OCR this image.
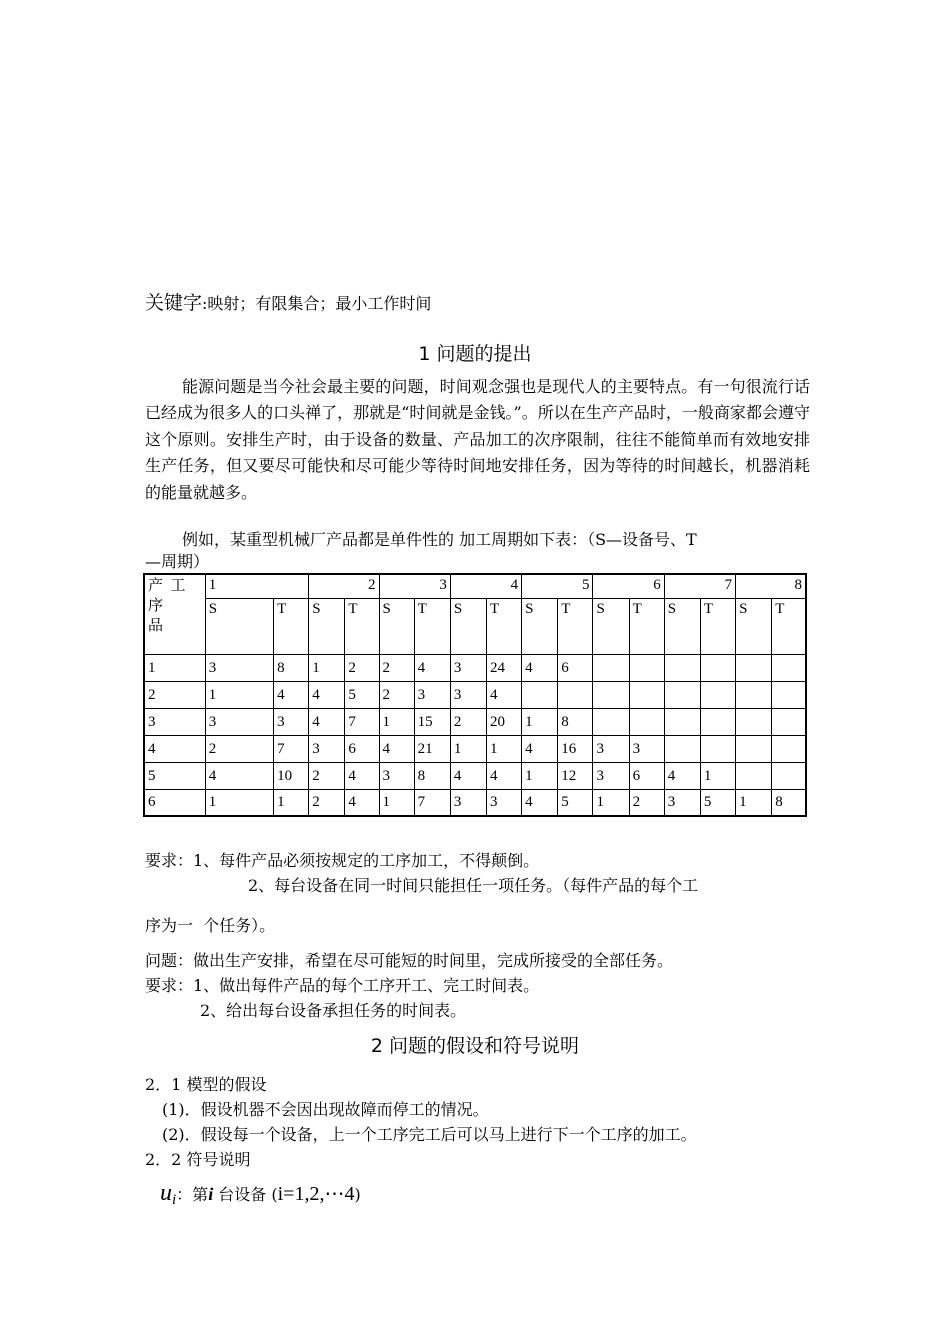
关键字:映射；有限集合；最小工作时间
1 问题的提出
能源问题是当今社会最主要的问题，时间观念强也是现代人的主要特点。有一句很流行话已经成为很多人的口头禅了，那就是“时间就是金钱。”。所以在生产产品时，一般商家都会遵守这个原则。安排生产时，由于设备的数量、产品加工的次序限制，往往不能简单而有效地安排生产任务，但又要尽可能快和尽可能少等待时间地安排任务，因为等待的时间越长，机器消耗的能量就越多。
例如，某重型机械厂产品都是单件性的 加工周期如下表：（S—设备号、T
—周期）
产  工
序
品	1		2		3		4		5		6		7		8	
	S	T	S	T	S	T	S	T	S	T	S	T	S	T	S	T
1	3	8	1	2	2	4	3	24	4	6						
2	1	4	4	5	2	3	3	4								
3	3	3	4	7	1	15	2	20	1	8						
4	2	7	3	6	4	21	1	1	4	16	3	3				
5	4	10	2	4	3	8	4	4	1	12	3	6	4	1		
6	1	1	2	4	1	7	3	3	4	5	1	2	3	5	1	8
要求：1、每件产品必须按规定的工序加工，不得颠倒。
2、每台设备在同一时间只能担任一项任务。（每件产品的每个工
序为一  个任务）。
问题：做出生产安排，希望在尽可能短的时间里，完成所接受的全部任务。
要求：1、做出每件产品的每个工序开工、完工时间表。
2、给出每台设备承担任务的时间表。
2 问题的假设和符号说明
2．1 模型的假设
(1)．假设机器不会因出现故障而停工的情况。
(2)．假设每一个设备，上一个工序完工后可以马上进行下一个工序的加工。
2．2 符号说明
$u_i$：第i 台设备 (i=1,2,⋯4)
